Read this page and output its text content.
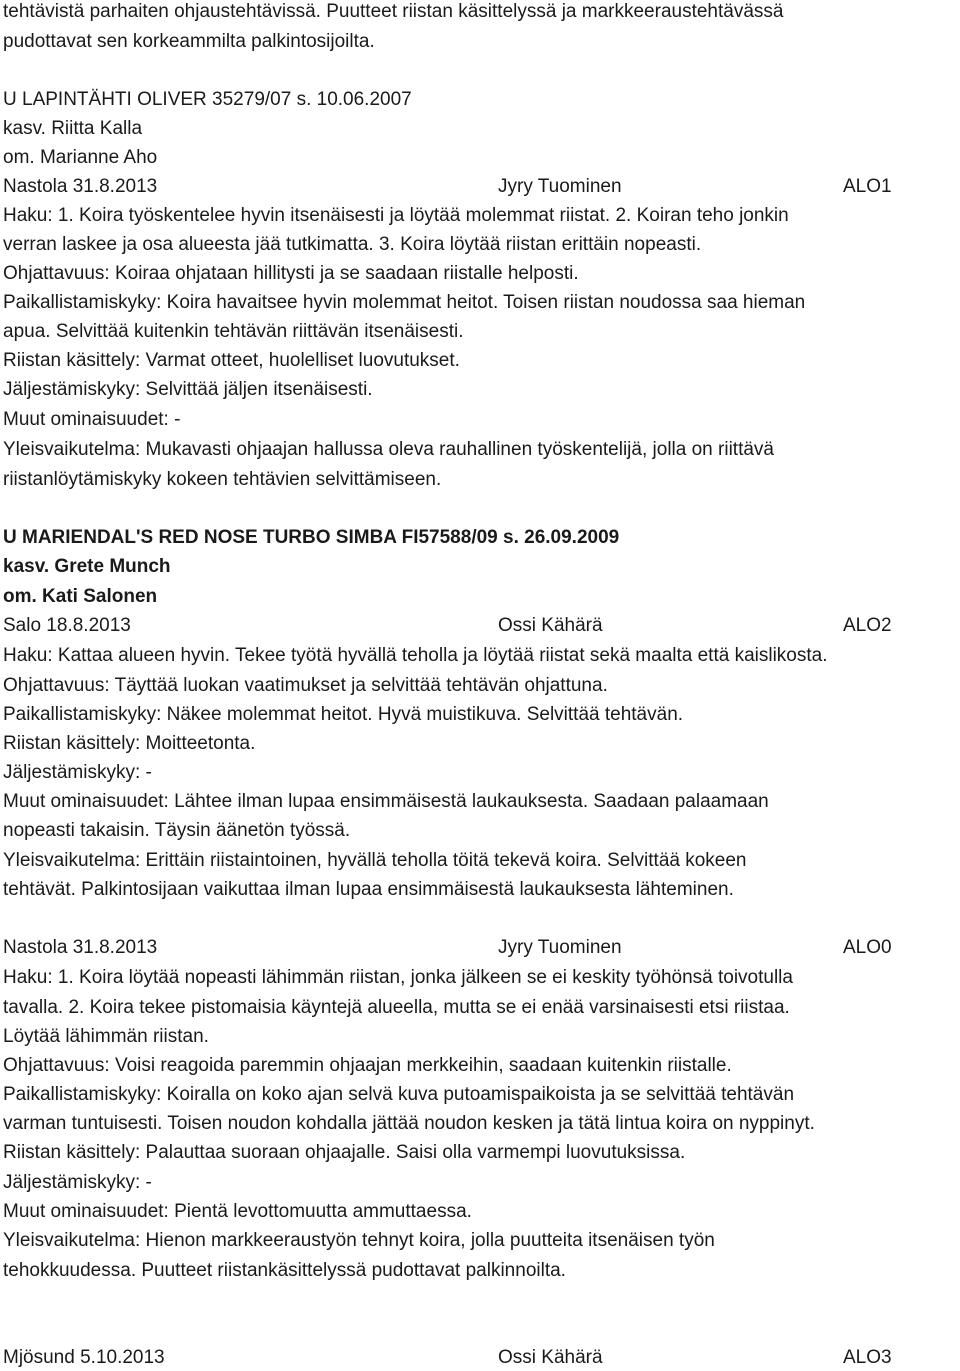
tehtävistä parhaiten ohjaustehtävissä. Puutteet riistan käsittelyssä ja markkeeraustehtävässä

pudottavat sen korkeammilta palkintosijoilta.

U LAPINTÄHTI OLIVER 35279/07 s. 10.06.2007

kasv. Riitta Kalla

om. Marianne Aho

Nastola 31.8.2013	Jyry Tuominen	ALO1

Haku: 1. Koira työskentelee hyvin itsenäisesti ja löytää molemmat riistat. 2. Koiran teho jonkin

verran laskee ja osa alueesta jää tutkimatta. 3. Koira löytää riistan erittäin nopeasti.

Ohjattavuus: Koiraa ohjataan hillitysti ja se saadaan riistalle helposti.

Paikallistamiskyky: Koira havaitsee hyvin molemmat heitot. Toisen riistan noudossa saa hieman

apua. Selvittää kuitenkin tehtävän riittävän itsenäisesti.

Riistan käsittely: Varmat otteet, huolelliset luovutukset.

Jäljestämiskyky: Selvittää jäljen itsenäisesti.

Muut ominaisuudet: -

Yleisvaikutelma: Mukavasti ohjaajan hallussa oleva rauhallinen työskentelijä, jolla on riittävä

riistanlöytämiskyky kokeen tehtävien selvittämiseen.

U MARIENDAL'S RED NOSE TURBO SIMBA FI57588/09 s. 26.09.2009

kasv. Grete Munch

om. Kati Salonen

Salo 18.8.2013	Ossi Kähärä	ALO2

Haku: Kattaa alueen hyvin. Tekee työtä hyvällä teholla ja löytää riistat sekä maalta että kaislikosta.

Ohjattavuus: Täyttää luokan vaatimukset ja selvittää tehtävän ohjattuna.

Paikallistamiskyky: Näkee molemmat heitot. Hyvä muistikuva. Selvittää tehtävän.

Riistan käsittely: Moitteetonta.

Jäljestämiskyky: -

Muut ominaisuudet: Lähtee ilman lupaa ensimmäisestä laukauksesta. Saadaan palaamaan

nopeasti takaisin. Täysin äänetön työssä.

Yleisvaikutelma: Erittäin riistaintoinen, hyvällä teholla töitä tekevä koira. Selvittää kokeen

tehtävät. Palkintosijaan vaikuttaa ilman lupaa ensimmäisestä laukauksesta lähteminen.

Nastola 31.8.2013	Jyry Tuominen	ALO0

Haku: 1. Koira löytää nopeasti lähimmän riistan, jonka jälkeen se ei keskity työhönsä toivotulla

tavalla. 2. Koira tekee pistomaisia käyntejä alueella, mutta se ei enää varsinaisesti etsi riistaa.

Löytää lähimmän riistan.

Ohjattavuus: Voisi reagoida paremmin ohjaajan merkkeihin, saadaan kuitenkin riistalle.

Paikallistamiskyky: Koiralla on koko ajan selvä kuva putoamispaikoista ja se selvittää tehtävän

varman tuntuisesti. Toisen noudon kohdalla jättää noudon kesken ja tätä lintua koira on nyppinyt.

Riistan käsittely: Palauttaa suoraan ohjaajalle. Saisi olla varmempi luovutuksissa.

Jäljestämiskyky: -

Muut ominaisuudet: Pientä levottomuutta ammuttaessa.

Yleisvaikutelma: Hienon markkeeraustyön tehnyt koira, jolla puutteita itsenäisen työn

tehokkuudessa. Puutteet riistankäsittelyssä pudottavat palkinnoilta.

Mjösund 5.10.2013	Ossi Kähärä	ALO3
